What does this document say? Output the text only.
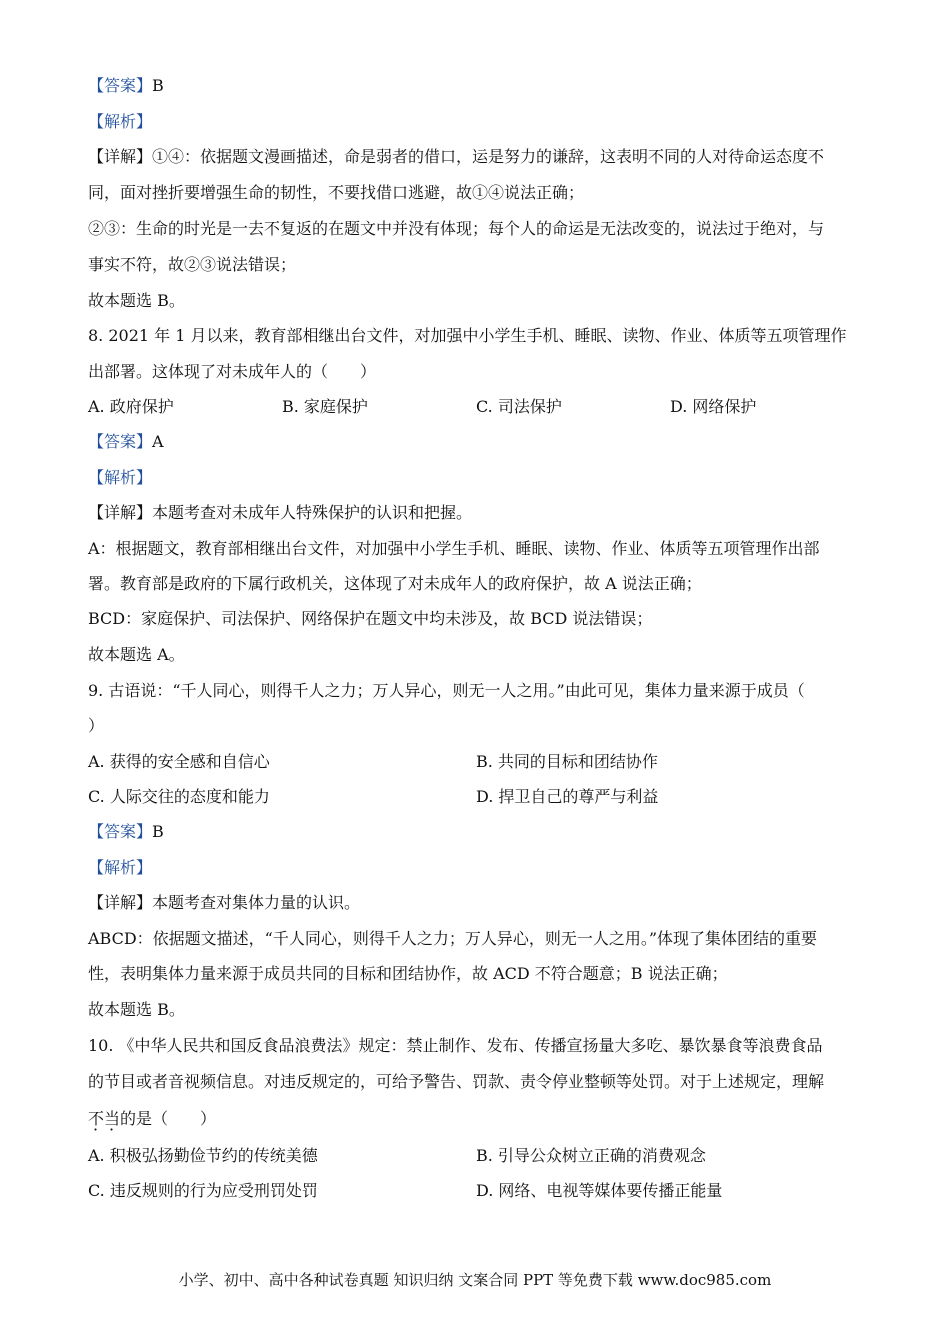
【答案】B
【解析】
【详解】①④：依据题文漫画描述，命是弱者的借口，运是努力的谦辞，这表明不同的人对待命运态度不
同，面对挫折要增强生命的韧性，不要找借口逃避，故①④说法正确；
②③：生命的时光是一去不复返的在题文中并没有体现；每个人的命运是无法改变的，说法过于绝对，与
事实不符，故②③说法错误；
故本题选 B。
8. 2021 年 1 月以来，教育部相继出台文件，对加强中小学生手机、睡眠、读物、作业、体质等五项管理作
出部署。这体现了对未成年人的（　　）
A. 政府保护	B. 家庭保护	C. 司法保护	D. 网络保护
【答案】A
【解析】
【详解】本题考查对未成年人特殊保护的认识和把握。
A：根据题文，教育部相继出台文件，对加强中小学生手机、睡眠、读物、作业、体质等五项管理作出部
署。教育部是政府的下属行政机关，这体现了对未成年人的政府保护，故 A 说法正确；
BCD：家庭保护、司法保护、网络保护在题文中均未涉及，故 BCD 说法错误；
故本题选 A。
9. 古语说：“千人同心，则得千人之力；万人异心，则无一人之用。”由此可见，集体力量来源于成员（
）
A. 获得的安全感和自信心	B. 共同的目标和团结协作
C. 人际交往的态度和能力	D. 捍卫自己的尊严与利益
【答案】B
【解析】
【详解】本题考查对集体力量的认识。
ABCD：依据题文描述，“千人同心，则得千人之力；万人异心，则无一人之用。”体现了集体团结的重要
性，表明集体力量来源于成员共同的目标和团结协作，故 ACD 不符合题意；B 说法正确；
故本题选 B。
10. 《中华人民共和国反食品浪费法》规定：禁止制作、发布、传播宣扬量大多吃、暴饮暴食等浪费食品
的节目或者音视频信息。对违反规定的，可给予警告、罚款、责令停业整顿等处罚。对于上述规定，理解
不当的是（　　）
A. 积极弘扬勤俭节约的传统美德	B. 引导公众树立正确的消费观念
C. 违反规则的行为应受刑罚处罚	D. 网络、电视等媒体要传播正能量
小学、初中、高中各种试卷真题 知识归纳 文案合同 PPT 等免费下载 www.doc985.com
